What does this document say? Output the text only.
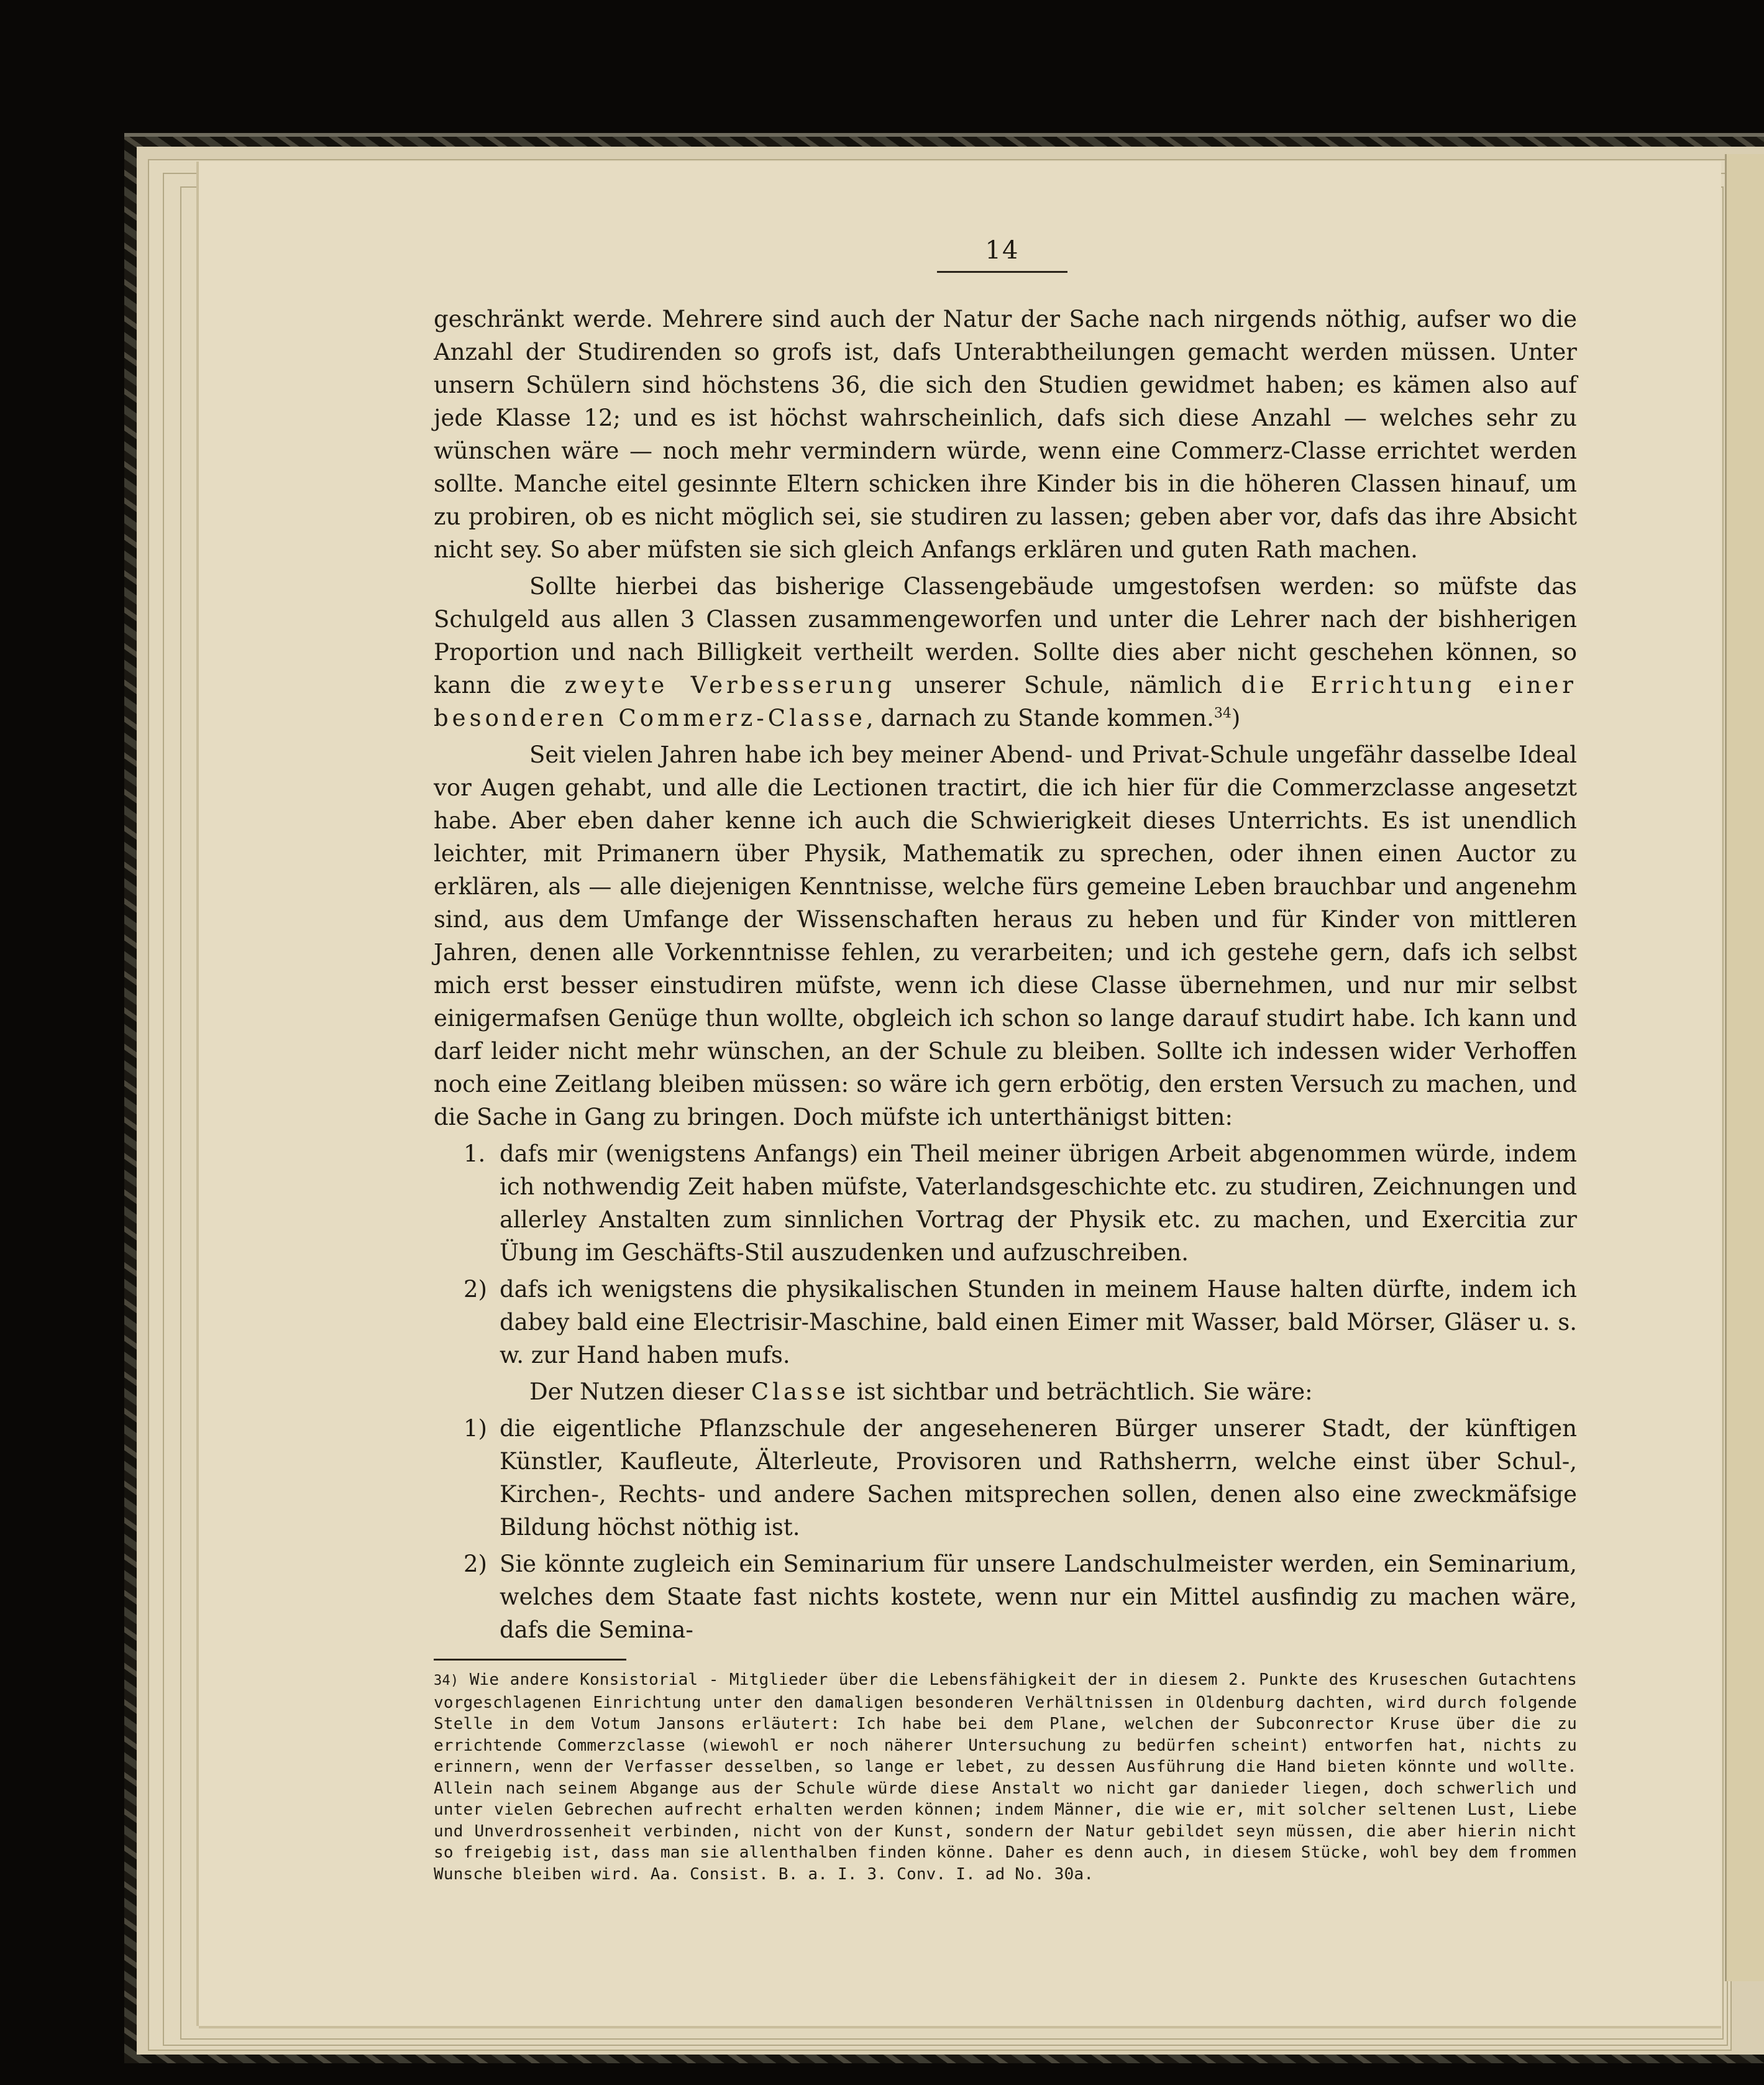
14

geschränkt werde. Mehrere sind auch der Natur der Sache nach nirgends nöthig, aufser wo die Anzahl der Studirenden so grofs ist, dafs Unterabtheilungen gemacht werden müssen. Unter unsern Schülern sind höchstens 36, die sich den Studien gewidmet haben; es kämen also auf jede Klasse 12; und es ist höchst wahrscheinlich, dafs sich diese Anzahl — welches sehr zu wünschen wäre — noch mehr vermindern würde, wenn eine Commerz-Classe errichtet werden sollte. Manche eitel gesinnte Eltern schicken ihre Kinder bis in die höheren Classen hinauf, um zu probiren, ob es nicht möglich sei, sie studiren zu lassen; geben aber vor, dafs das ihre Absicht nicht sey. So aber müfsten sie sich gleich Anfangs erklären und guten Rath machen.

Sollte hierbei das bisherige Classengebäude umgestofsen werden: so müfste das Schulgeld aus allen 3 Classen zusammengeworfen und unter die Lehrer nach der bishherigen Proportion und nach Billigkeit vertheilt werden. Sollte dies aber nicht geschehen können, so kann die zweyte Verbesserung unserer Schule, nämlich die Errichtung einer besonderen Commerz-Classe, darnach zu Stande kommen.$^{34}$)

Seit vielen Jahren habe ich bey meiner Abend- und Privat-Schule ungefähr dasselbe Ideal vor Augen gehabt, und alle die Lectionen tractirt, die ich hier für die Commerzclasse angesetzt habe. Aber eben daher kenne ich auch die Schwierigkeit dieses Unterrichts. Es ist unendlich leichter, mit Primanern über Physik, Mathematik zu sprechen, oder ihnen einen Auctor zu erklären, als — alle diejenigen Kenntnisse, welche fürs gemeine Leben brauchbar und angenehm sind, aus dem Umfange der Wissenschaften heraus zu heben und für Kinder von mittleren Jahren, denen alle Vorkenntnisse fehlen, zu verarbeiten; und ich gestehe gern, dafs ich selbst mich erst besser einstudiren müfste, wenn ich diese Classe übernehmen, und nur mir selbst einigermafsen Genüge thun wollte, obgleich ich schon so lange darauf studirt habe. Ich kann und darf leider nicht mehr wünschen, an der Schule zu bleiben. Sollte ich indessen wider Verhoffen noch eine Zeitlang bleiben müssen: so wäre ich gern erbötig, den ersten Versuch zu machen, und die Sache in Gang zu bringen. Doch müfste ich unterthänigst bitten:

1. dafs mir (wenigstens Anfangs) ein Theil meiner übrigen Arbeit abgenommen würde, indem ich nothwendig Zeit haben müfste, Vaterlandsgeschichte etc. zu studiren, Zeichnungen und allerley Anstalten zum sinnlichen Vortrag der Physik etc. zu machen, und Exercitia zur Übung im Geschäfts-Stil auszudenken und aufzuschreiben.
2) dafs ich wenigstens die physikalischen Stunden in meinem Hause halten dürfte, indem ich dabey bald eine Electrisir-Maschine, bald einen Eimer mit Wasser, bald Mörser, Gläser u. s. w. zur Hand haben mufs.

Der Nutzen dieser Classe ist sichtbar und beträchtlich. Sie wäre:

1) die eigentliche Pflanzschule der angeseheneren Bürger unserer Stadt, der künftigen Künstler, Kaufleute, Älterleute, Provisoren und Rathsherrn, welche einst über Schul-, Kirchen-, Rechts- und andere Sachen mitsprechen sollen, denen also eine zweckmäfsige Bildung höchst nöthig ist.
2) Sie könnte zugleich ein Seminarium für unsere Landschulmeister werden, ein Seminarium, welches dem Staate fast nichts kostete, wenn nur ein Mittel ausfindig zu machen wäre, dafs die Semina-
34) Wie andere Konsistorial - Mitglieder über die Lebensfähigkeit der in diesem 2. Punkte des Kruseschen Gutachtens vorgeschlagenen Einrichtung unter den damaligen besonderen Verhältnissen in Oldenburg dachten, wird durch folgende Stelle in dem Votum Jansons erläutert: Ich habe bei dem Plane, welchen der Subconrector Kruse über die zu errichtende Commerzclasse (wiewohl er noch näherer Untersuchung zu bedürfen scheint) entworfen hat, nichts zu erinnern, wenn der Verfasser desselben, so lange er lebet, zu dessen Ausführung die Hand bieten könnte und wollte. Allein nach seinem Abgange aus der Schule würde diese Anstalt wo nicht gar danieder liegen, doch schwerlich und unter vielen Gebrechen aufrecht erhalten werden können; indem Männer, die wie er, mit solcher seltenen Lust, Liebe und Unverdrossenheit verbinden, nicht von der Kunst, sondern der Natur gebildet seyn müssen, die aber hierin nicht so freigebig ist, dass man sie allenthalben finden könne. Daher es denn auch, in diesem Stücke, wohl bey dem frommen Wunsche bleiben wird. Aa. Consist. B. a. I. 3. Conv. I. ad No. 30a.
